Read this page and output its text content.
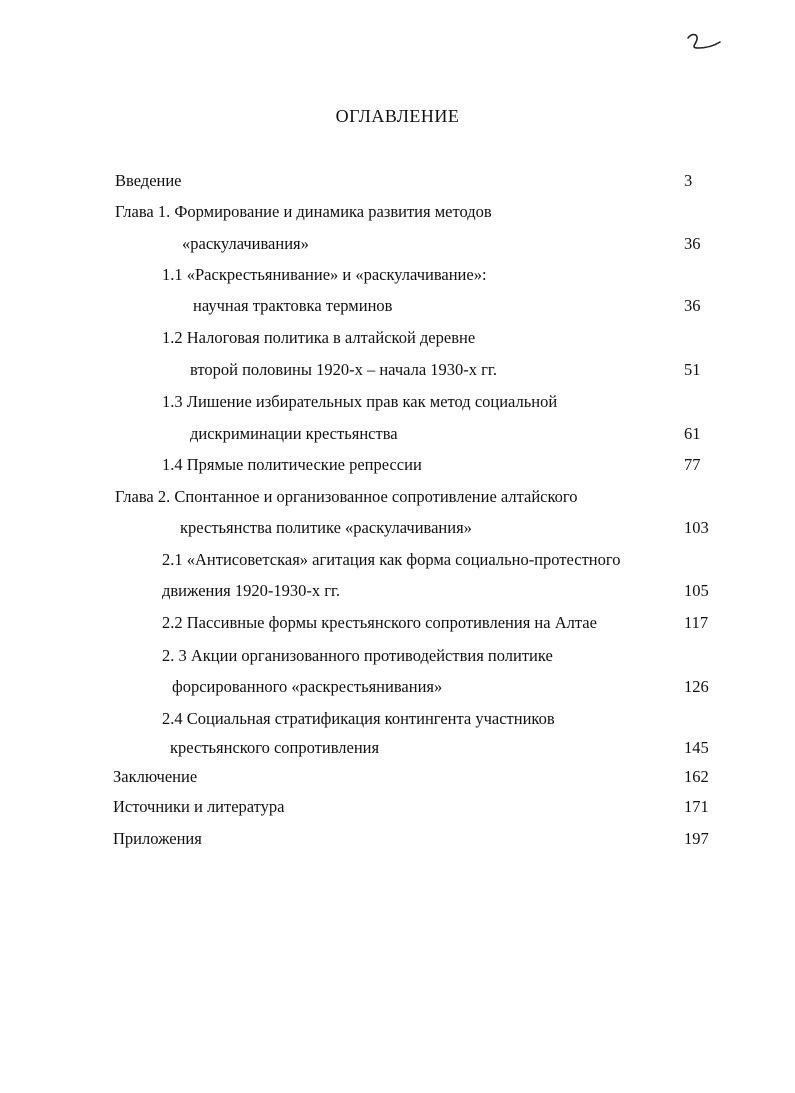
ОГЛАВЛЕНИЕ
Введение	3
Глава 1. Формирование и динамика развития методов
«раскулачивания»	36
1.1 «Раскрестьянивание» и «раскулачивание»:
научная трактовка терминов	36
1.2 Налоговая политика в алтайской деревне
второй половины 1920-х – начала 1930-х гг.	51
1.3 Лишение избирательных прав как метод социальной
дискриминации крестьянства	61
1.4 Прямые политические репрессии	77
Глава 2. Спонтанное и организованное сопротивление алтайского
крестьянства политике «раскулачивания»	103
2.1 «Антисоветская» агитация как форма социально-протестного
движения 1920-1930-х гг.	105
2.2 Пассивные формы крестьянского сопротивления на Алтае	117
2. 3 Акции организованного противодействия политике
форсированного «раскрестьянивания»	126
2.4 Социальная стратификация контингента участников
крестьянского сопротивления	145
Заключение	162
Источники и литература	171
Приложения	197
